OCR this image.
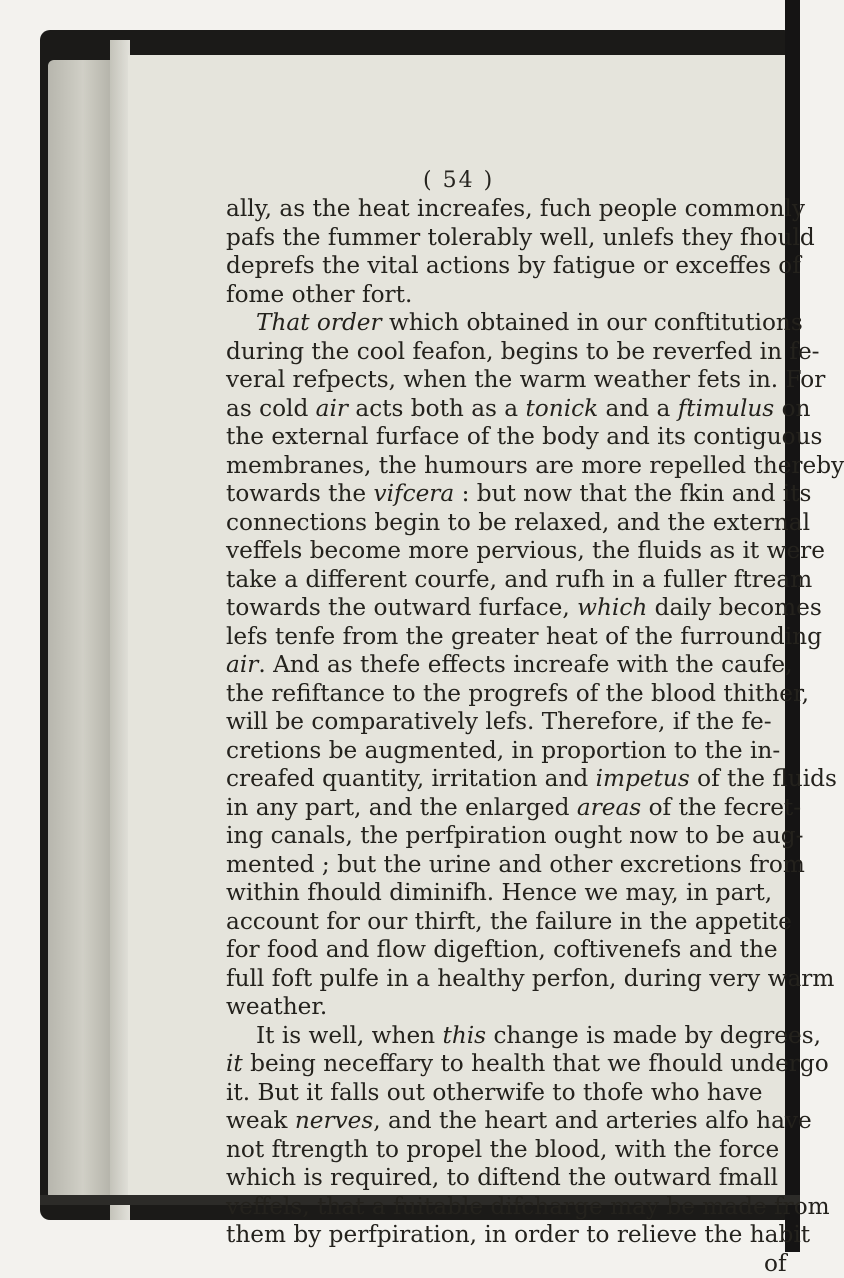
( 54 )
ally, as the heat increafes, fuch people commonly
pafs the fummer tolerably well, unlefs they fhould
deprefs the vital actions by fatigue or exceffes of
fome other fort.
That order which obtained in our conftitutions
during the cool feafon, begins to be reverfed in fe-
veral refpects, when the warm weather fets in. For
as cold air acts both as a tonick and a ftimulus on
the external furface of the body and its contiguous
membranes, the humours are more repelled thereby
towards the vifcera : but now that the fkin and its
connections begin to be relaxed, and the external
veffels become more pervious, the fluids as it were
take a different courfe, and rufh in a fuller ftream
towards the outward furface, which daily becomes
lefs tenfe from the greater heat of the furrounding
air. And as thefe effects increafe with the caufe,
the refiftance to the progrefs of the blood thither,
will be comparatively lefs. Therefore, if the fe-
cretions be augmented, in proportion to the in-
creafed quantity, irritation and impetus of the fluids
in any part, and the enlarged areas of the fecret-
ing canals, the perfpiration ought now to be aug-
mented ; but the urine and other excretions from
within fhould diminifh. Hence we may, in part,
account for our thirft, the failure in the appetite
for food and flow digeftion, coftivenefs and the
full foft pulfe in a healthy perfon, during very warm
weather.
It is well, when this change is made by degrees,
it being neceffary to health that we fhould undergo
it. But it falls out otherwife to thofe who have
weak nerves, and the heart and arteries alfo have
not ftrength to propel the blood, with the force
which is required, to diftend the outward fmall
veffels, that a fuitable difcharge may be made from
them by perfpiration, in order to relieve the habit
of
